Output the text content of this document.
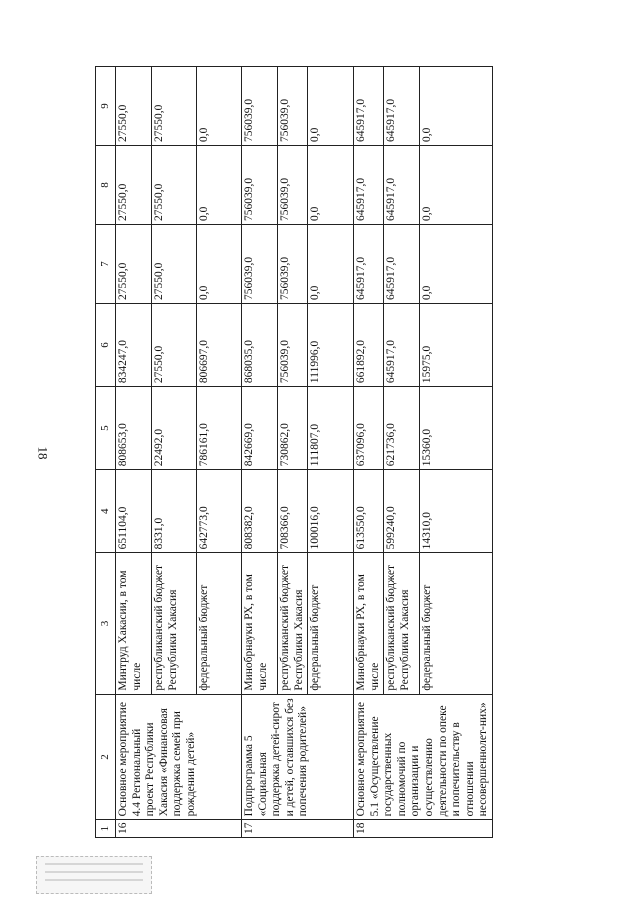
18
1	2	3	4	5	6	7	8	9
16	Основное мероприятие 4.4 Региональный проект Республики Хакасия «Финансовая поддержка семей при рождении детей»	Минтруд Хакасии, в том числе	651104,0	808653,0	834247,0	27550,0	27550,0	27550,0
		республиканский бюджет Республики Хакасия	8331,0	22492,0	27550,0	27550,0	27550,0	27550,0
		федеральный бюджет	642773,0	786161,0	806697,0	0,0	0,0	0,0
17	Подпрограмма 5 «Социальная поддержка детей-сирот и детей, оставшихся без попечения родителей»	Минобрнауки РХ, в том числе	808382,0	842669,0	868035,0	756039,0	756039,0	756039,0
		республиканский бюджет Республики Хакасия	708366,0	730862,0	756039,0	756039,0	756039,0	756039,0
		федеральный бюджет	100016,0	111807,0	111996,0	0,0	0,0	0,0
18	Основное мероприятие 5.1 «Осуществление государственных полномочий по организации и осуществлению деятельности по опеке и попечительству в отношении несовершеннолет-них»	Минобрнауки РХ, в том числе	613550,0	637096,0	661892,0	645917,0	645917,0	645917,0
		республиканский бюджет Республики Хакасия	599240,0	621736,0	645917,0	645917,0	645917,0	645917,0
		федеральный бюджет	14310,0	15360,0	15975,0	0,0	0,0	0,0
